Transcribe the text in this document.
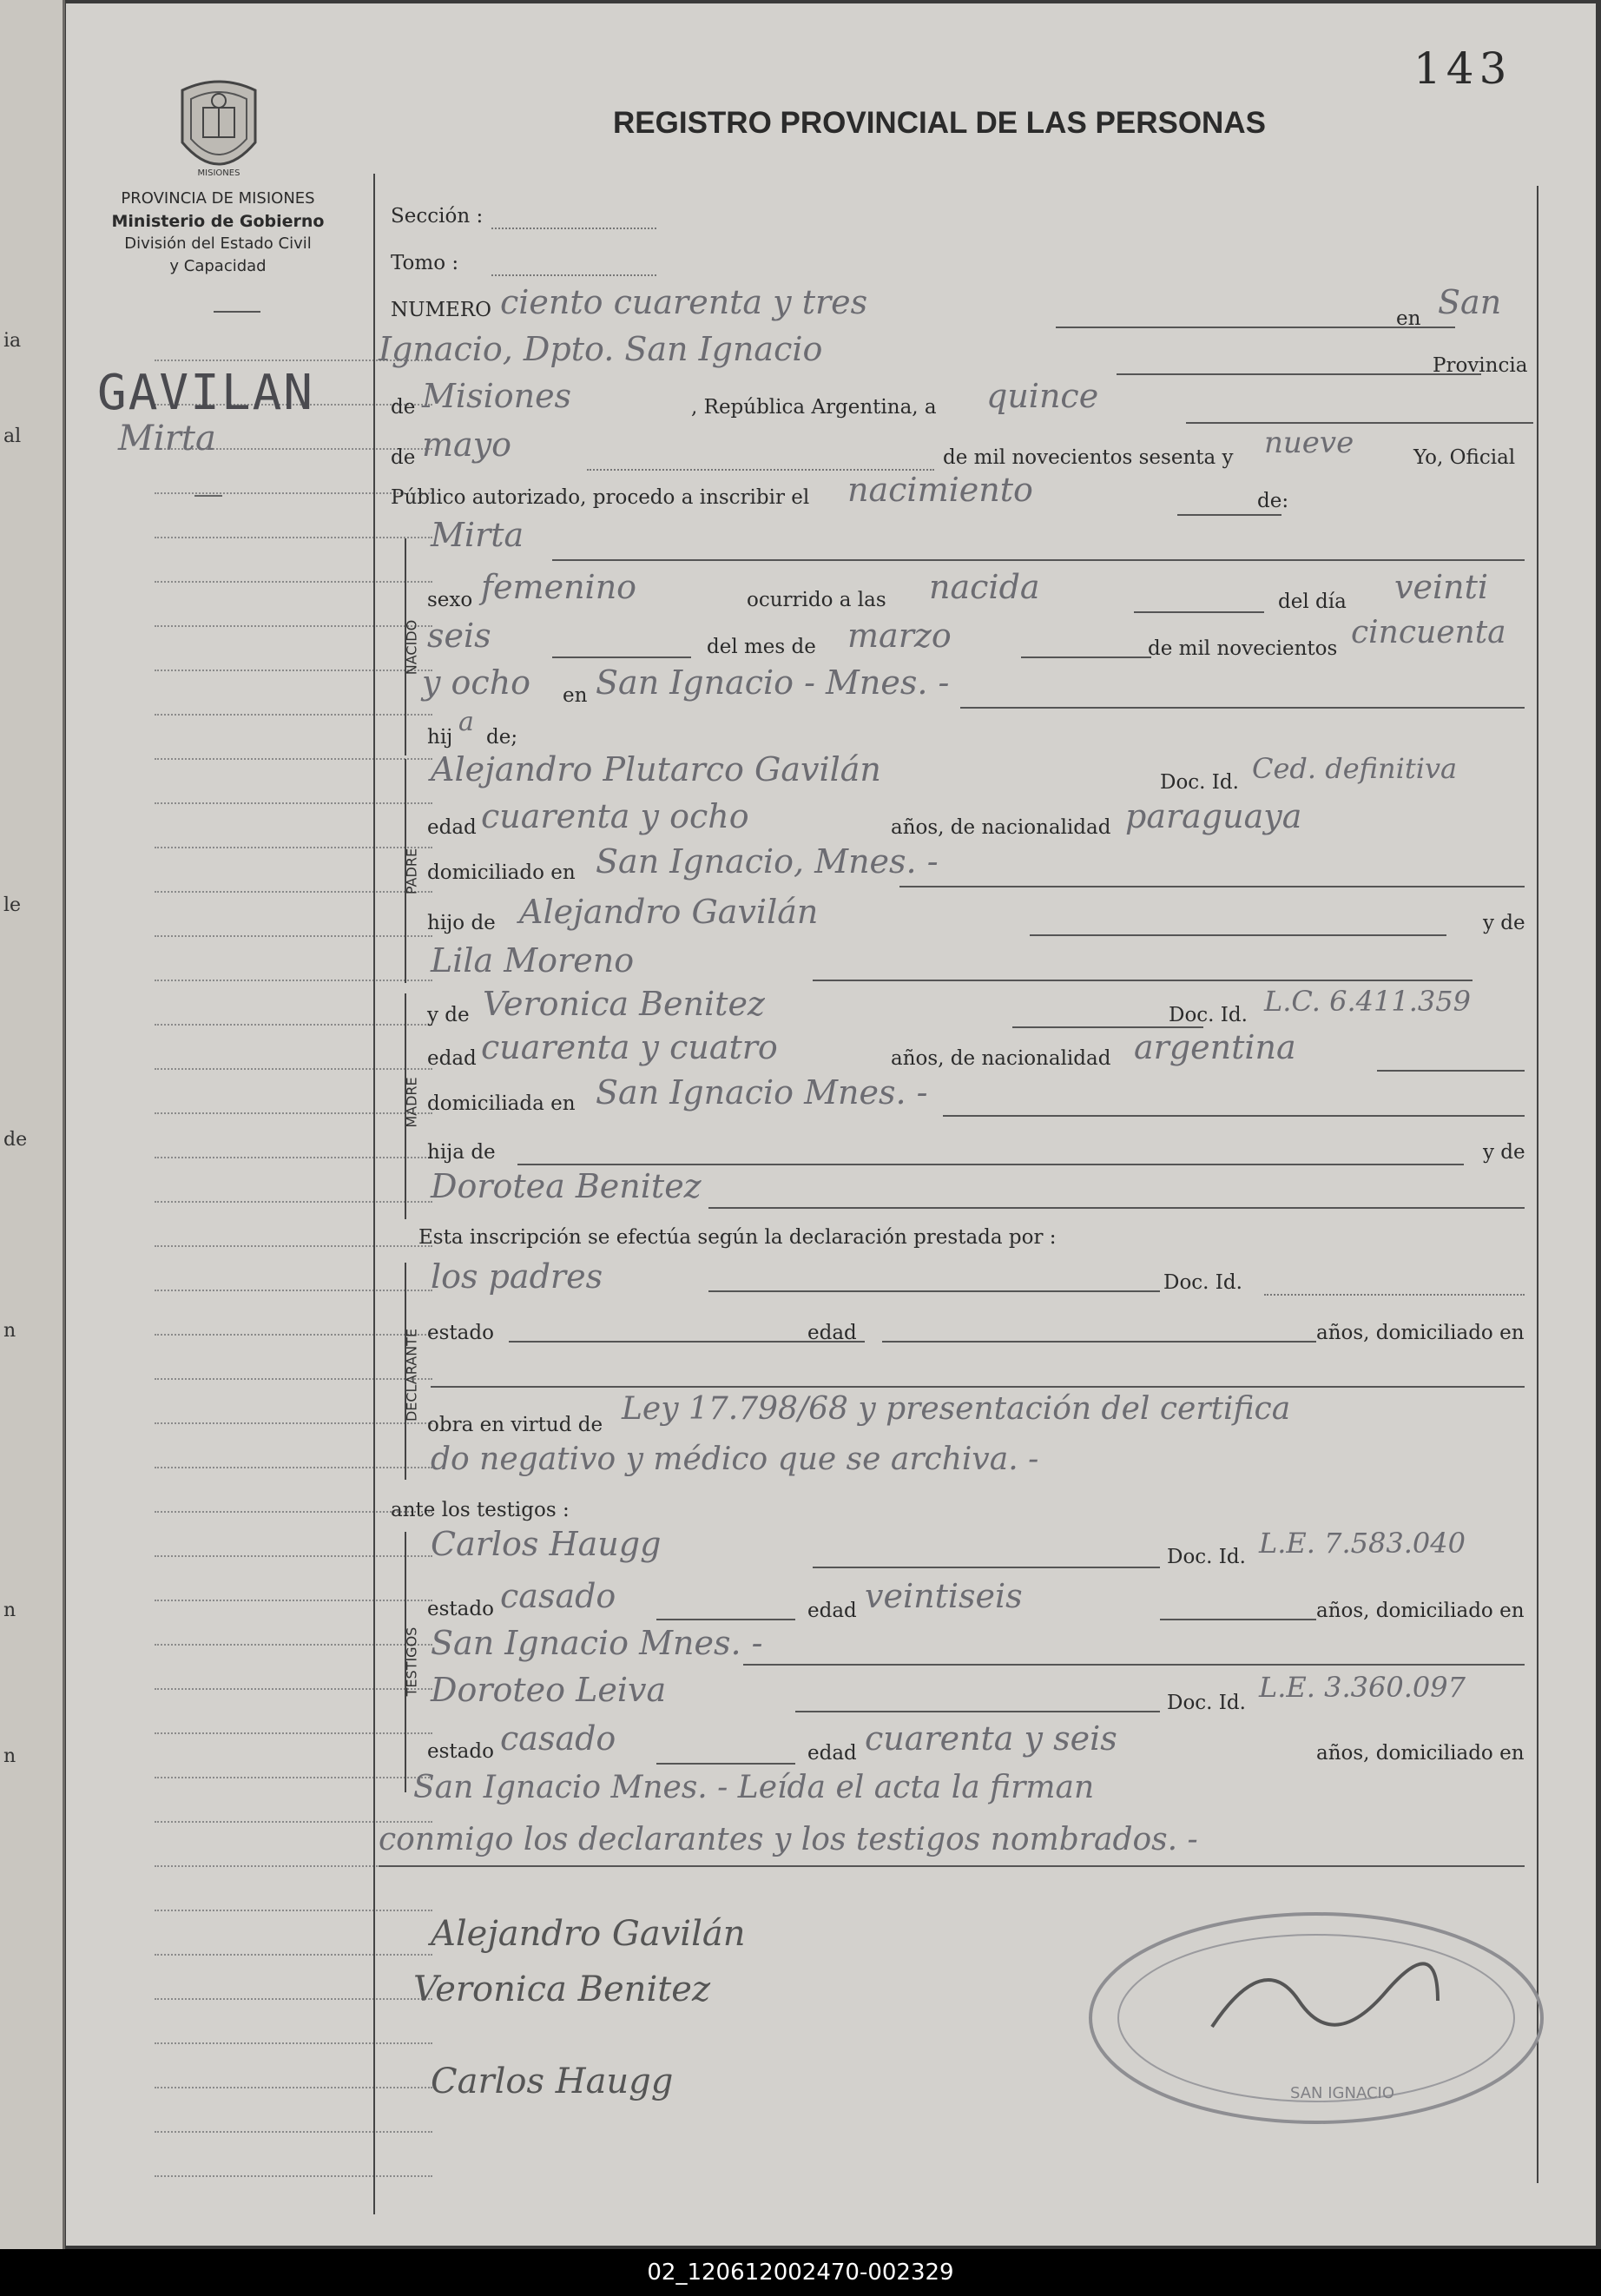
ia
al
le
de
n
n
n
143
MISIONES
PROVINCIA DE MISIONES
Ministerio de Gobierno
División del Estado Civil
y Capacidad
GAVILAN
Mirta
REGISTRO PROVINCIAL DE LAS PERSONAS
Sección :
Tomo :
NUMERO ciento cuarenta y tres	en San
Ignacio, Dpto. San Ignacio	Provincia
de Misiones	, República Argentina, a quince
de mayo	de mil novecientos sesenta y nueve	Yo, Oficial
Público autorizado, procedo a inscribir el nacimiento	de:
NACIDO
Mirta
sexo femenino	ocurrido a las nacida	del día veinti
seis	del mes de marzo	de mil novecientos cincuenta
y ocho en San Ignacio - Mnes. -
hij a de;
PADRE
Alejandro Plutarco Gavilán	Doc. Id. Ced. definitiva
edad cuarenta y ocho	años, de nacionalidad paraguaya
domiciliado en San Ignacio, Mnes. -
hijo de Alejandro Gavilán	y de
Lila Moreno
MADRE
y de Veronica Benitez	Doc. Id. L.C. 6.411.359
edad cuarenta y cuatro	años, de nacionalidad argentina
domiciliada en San Ignacio Mnes. -
hija de	y de
Dorotea Benitez
Esta inscripción se efectúa según la declaración prestada por :
DECLARANTE
los padres	Doc. Id.
estado	edad	años, domiciliado en
obra en virtud de Ley 17.798/68 y presentación del certifica
do negativo y médico que se archiva. -
ante los testigos :
TESTIGOS
Carlos Haugg	Doc. Id. L.E. 7.583.040
estado casado	edad veintiseis	años, domiciliado en
San Ignacio Mnes. -
Doroteo Leiva	Doc. Id. L.E. 3.360.097
estado casado	edad cuarenta y seis	años, domiciliado en
San Ignacio Mnes. - Leída el acta la firman
conmigo los declarantes y los testigos nombrados. -
Alejandro Gavilán
Veronica Benitez
Carlos Haugg	SAN IGNACIO
02_120612002470-002329
